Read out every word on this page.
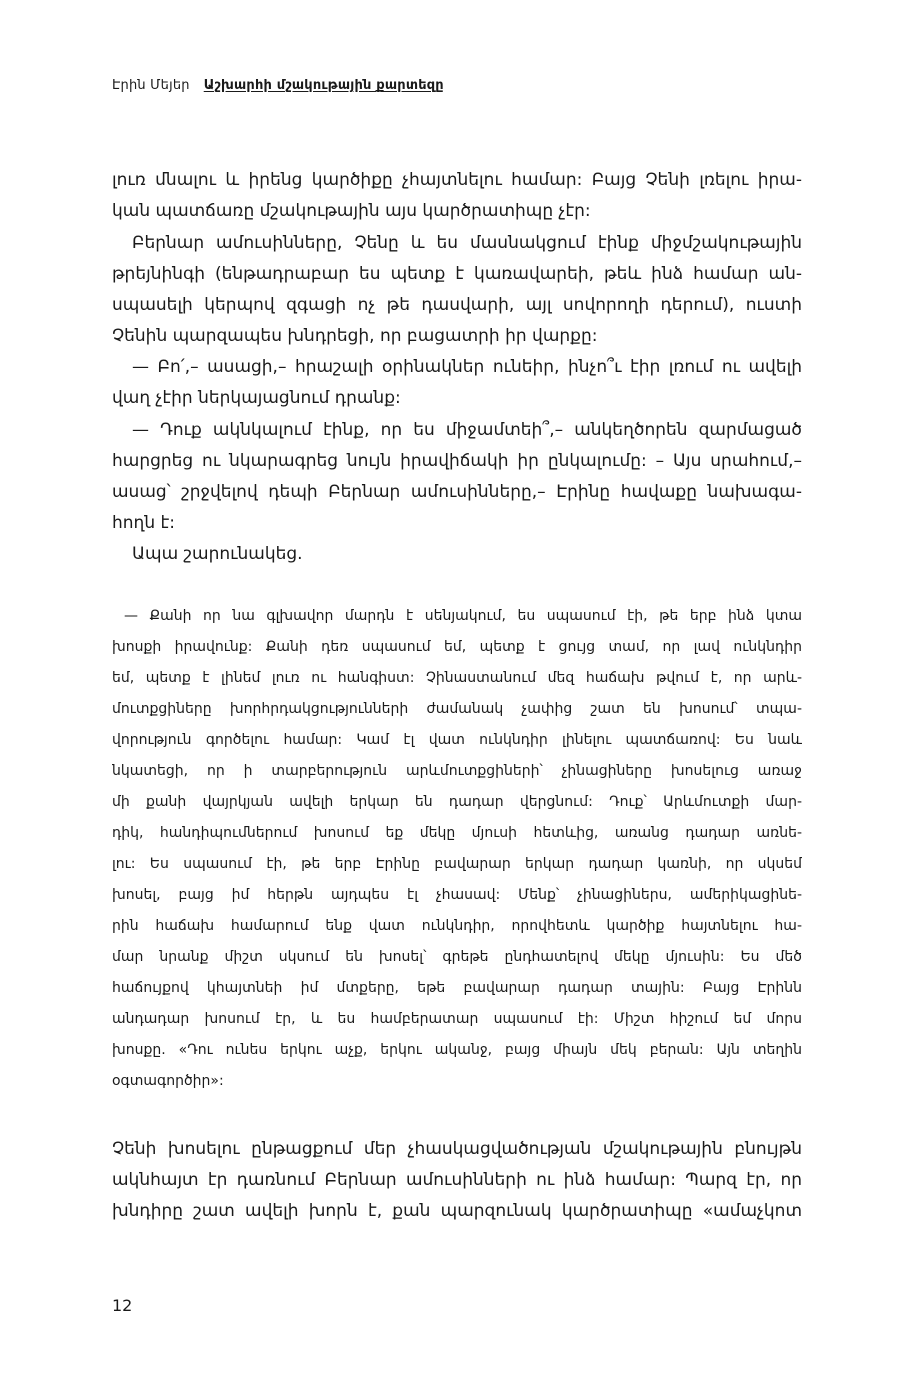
Էրին Մեյեր Աշխարհի մշակութային քարտեզը
լուռ մնալու և իրենց կարծիքը չհայտնելու համար: Բայց Չենի լռելու իրա-
կան պատճառը մշակութային այս կարծրատիպը չէր:
Բերնար ամուսինները, Չենը և ես մասնակցում էինք միջմշակութային
թրեյնինգի (ենթադրաբար ես պետք է կառավարեի, թեև ինձ համար ան-
սպասելի կերպով զգացի ոչ թե դասվարի, այլ սովորողի դերում), ուստի
Չենին պարզապես խնդրեցի, որ բացատրի իր վարքը:
— Բո՛,– ասացի,– հրաշալի օրինակներ ունեիր, ինչո՞ւ էիր լռում ու ավելի
վաղ չէիր ներկայացնում դրանք:
— Դուք ակնկալում էինք, որ ես միջամտեի՞,– անկեղծորեն զարմացած
հարցրեց ու նկարագրեց նույն իրավիճակի իր ընկալումը: – Այս սրահում,–
ասաց՝ շրջվելով դեպի Բերնար ամուսինները,– Էրինը հավաքը նախագա-
հողն է:
Ապա շարունակեց.
— Քանի որ նա գլխավոր մարդն է սենյակում, ես սպասում էի, թե երբ ինձ կտա
խոսքի իրավունք: Քանի դեռ սպասում եմ, պետք է ցույց տամ, որ լավ ունկնդիր
եմ, պետք է լինեմ լուռ ու հանգիստ: Չինաստանում մեզ հաճախ թվում է, որ արև-
մուտքցիները խորհրդակցությունների ժամանակ չափից շատ են խոսում՝ տպա-
վորություն գործելու համար: Կամ էլ վատ ունկնդիր լինելու պատճառով: Ես նաև
նկատեցի, որ ի տարբերություն արևմուտքցիների՝ չինացիները խոսելուց առաջ
մի քանի վայրկյան ավելի երկար են դադար վերցնում: Դուք՝ Արևմուտքի մար-
դիկ, հանդիպումներում խոսում եք մեկը մյուսի հետևից, առանց դադար առնե-
լու: Ես սպասում էի, թե երբ Էրինը բավարար երկար դադար կառնի, որ սկսեմ
խոսել, բայց իմ հերթն այդպես էլ չհասավ: Մենք՝ չինացիներս, ամերիկացինե-
րին հաճախ համարում ենք վատ ունկնդիր, որովհետև կարծիք հայտնելու հա-
մար նրանք միշտ սկսում են խոսել՝ գրեթե ընդհատելով մեկը մյուսին: Ես մեծ
հաճույքով կհայտնեի իմ մտքերը, եթե բավարար դադար տային: Բայց Էրինն
անդադար խոսում էր, և ես համբերատար սպասում էի: Միշտ հիշում եմ մորս
խոսքը. «Դու ունես երկու աչք, երկու ականջ, բայց միայն մեկ բերան: Այն տեղին
օգտագործիր»:
Չենի խոսելու ընթացքում մեր չհասկացվածության մշակութային բնույթն
ակնհայտ էր դառնում Բերնար ամուսինների ու ինձ համար: Պարզ էր, որ
խնդիրը շատ ավելի խորն է, քան պարզունակ կարծրատիպը «ամաչկոտ
12
